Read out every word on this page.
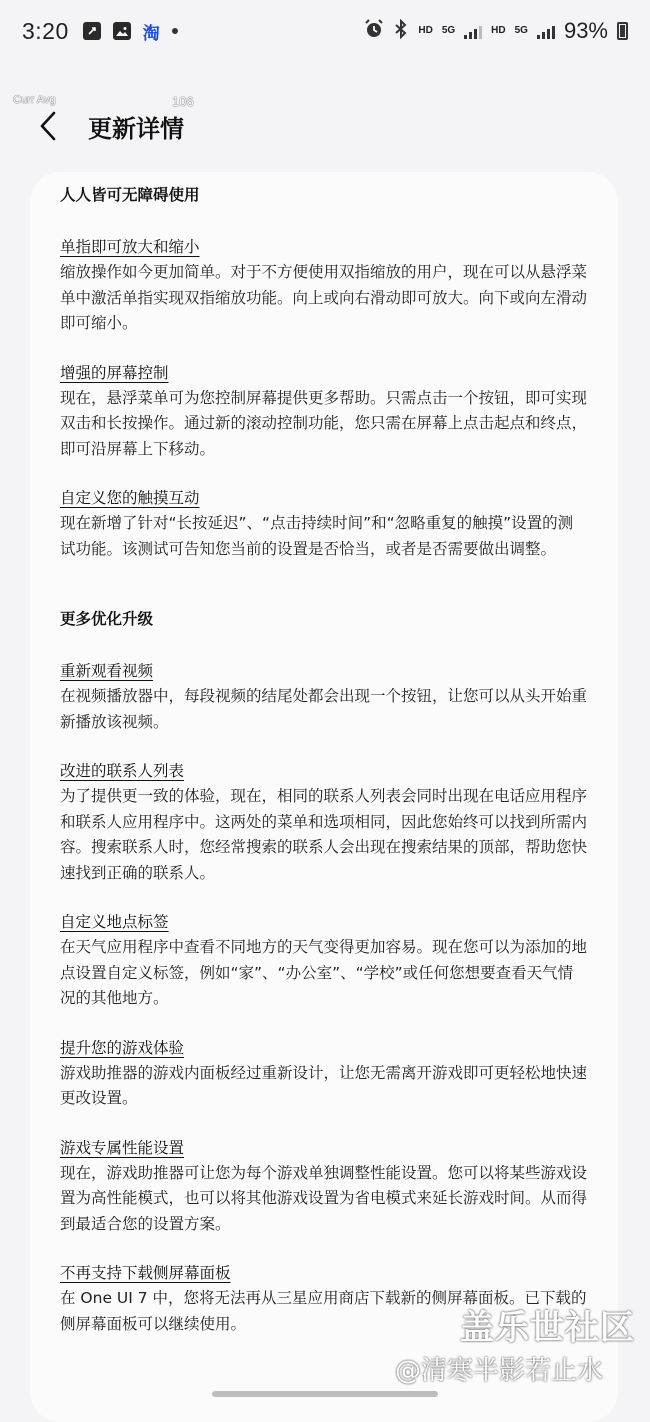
3:20	淘	HD 5G	HD 5G 93%
Curr Avg	106
更新详情
人人皆可无障碍使用
单指即可放大和缩小
缩放操作如今更加简单。对于不方便使用双指缩放的用户，现在可以从悬浮菜单中激活单指实现双指缩放功能。向上或向右滑动即可放大。向下或向左滑动即可缩小。
增强的屏幕控制
现在，悬浮菜单可为您控制屏幕提供更多帮助。只需点击一个按钮，即可实现双击和长按操作。通过新的滚动控制功能，您只需在屏幕上点击起点和终点，即可沿屏幕上下移动。
自定义您的触摸互动
现在新增了针对“长按延迟”、“点击持续时间”和“忽略重复的触摸”设置的测试功能。该测试可告知您当前的设置是否恰当，或者是否需要做出调整。
更多优化升级
重新观看视频
在视频播放器中，每段视频的结尾处都会出现一个按钮，让您可以从头开始重新播放该视频。
改进的联系人列表
为了提供更一致的体验，现在，相同的联系人列表会同时出现在电话应用程序和联系人应用程序中。这两处的菜单和选项相同，因此您始终可以找到所需内容。搜索联系人时，您经常搜索的联系人会出现在搜索结果的顶部，帮助您快速找到正确的联系人。
自定义地点标签
在天气应用程序中查看不同地方的天气变得更加容易。现在您可以为添加的地点设置自定义标签，例如“家”、“办公室”、“学校”或任何您想要查看天气情况的其他地方。
提升您的游戏体验
游戏助推器的游戏内面板经过重新设计，让您无需离开游戏即可更轻松地快速更改设置。
游戏专属性能设置
现在，游戏助推器可让您为每个游戏单独调整性能设置。您可以将某些游戏设置为高性能模式，也可以将其他游戏设置为省电模式来延长游戏时间。从而得到最适合您的设置方案。
不再支持下载侧屏幕面板
在 One UI 7 中，您将无法再从三星应用商店下载新的侧屏幕面板。已下载的侧屏幕面板可以继续使用。	盖乐世社区
@清寒半影若止水
